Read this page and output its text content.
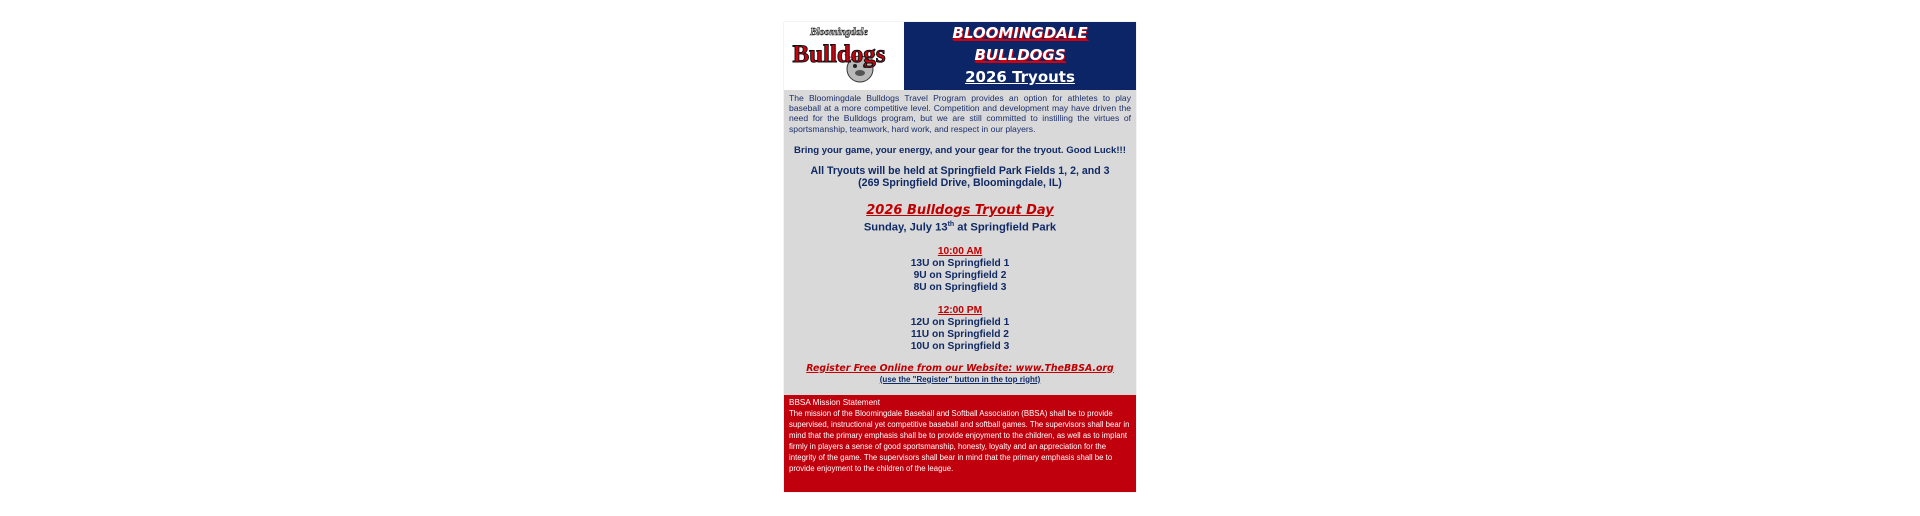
Bloomingdale
Bulldogs
BLOOMINGDALE
BULLDOGS
2026 Tryouts
The Bloomingdale Bulldogs Travel Program provides an option for athletes to play baseball at a more competitive level. Competition and development may have driven the need for the Bulldogs program, but we are still committed to instilling the virtues of sportsmanship, teamwork, hard work, and respect in our players.
Bring your game, your energy, and your gear for the tryout. Good Luck!!!
All Tryouts will be held at Springfield Park Fields 1, 2, and 3
(269 Springfield Drive, Bloomingdale, IL)
2026 Bulldogs Tryout Day
Sunday, July 13th at Springfield Park
10:00 AM
13U on Springfield 1
9U on Springfield 2
8U on Springfield 3
12:00 PM
12U on Springfield 1
11U on Springfield 2
10U on Springfield 3
Register Free Online from our Website: www.TheBBSA.org
(use the "Register" button in the top right)
BBSA Mission Statement
The mission of the Bloomingdale Baseball and Softball Association (BBSA) shall be to provide supervised, instructional yet competitive baseball and softball games. The supervisors shall bear in mind that the primary emphasis shall be to provide enjoyment to the children, as well as to implant firmly in players a sense of good sportsmanship, honesty, loyalty and an appreciation for the integrity of the game. The supervisors shall bear in mind that the primary emphasis shall be to provide enjoyment to the children of the league.
